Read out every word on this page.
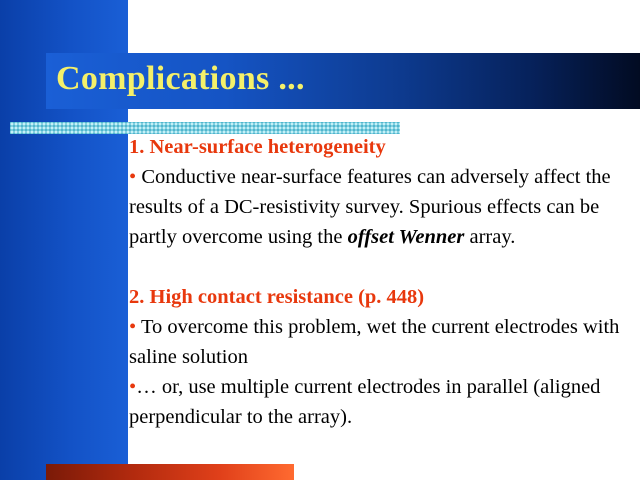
Complications ...

1. Near-surface heterogeneity

• Conductive near-surface features can adversely affect the results of a DC-resistivity survey. Spurious effects can be partly overcome using the offset Wenner array.

2. High contact resistance (p. 448)

• To overcome this problem, wet the current electrodes with saline solution

•… or, use multiple current electrodes in parallel (aligned perpendicular to the array).
